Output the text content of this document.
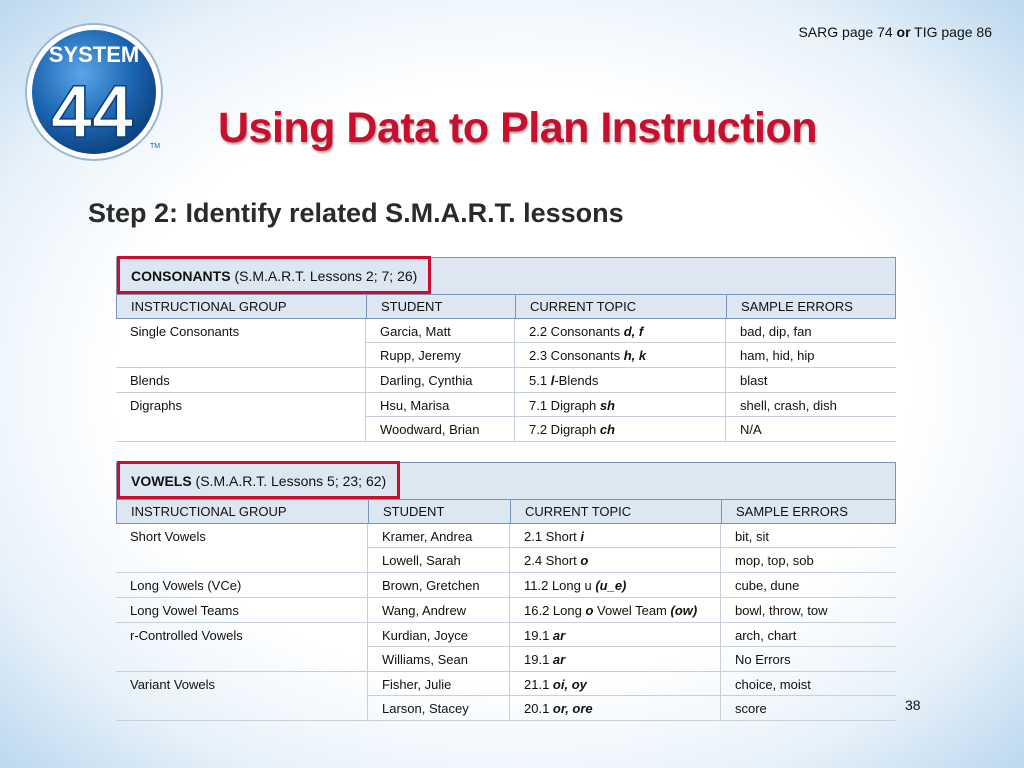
SARG page 74 or TIG page 86
SYSTEM
44 TM Using Data to Plan Instruction
Step 2: Identify related S.M.A.R.T. lessons
CONSONANTS (S.M.A.R.T. Lessons 2; 7; 26)
INSTRUCTIONAL GROUP	STUDENT	CURRENT TOPIC	SAMPLE ERRORS
Single Consonants	Garcia, Matt	2.2 Consonants d, f	bad, dip, fan
Rupp, Jeremy	2.3 Consonants h, k	ham, hid, hip
Blends	Darling, Cynthia	5.1 l-Blends	blast
Digraphs	Hsu, Marisa	7.1 Digraph sh	shell, crash, dish
Woodward, Brian	7.2 Digraph ch	N/A
VOWELS (S.M.A.R.T. Lessons 5; 23; 62)
INSTRUCTIONAL GROUP	STUDENT	CURRENT TOPIC	SAMPLE ERRORS
Short Vowels	Kramer, Andrea	2.1 Short i	bit, sit
Lowell, Sarah	2.4 Short o	mop, top, sob
Long Vowels (VCe)	Brown, Gretchen	11.2 Long u (u_e)	cube, dune
Long Vowel Teams	Wang, Andrew	16.2 Long o Vowel Team (ow)	bowl, throw, tow
r-Controlled Vowels	Kurdian, Joyce	19.1 ar	arch, chart
Williams, Sean	19.1 ar	No Errors
Variant Vowels	Fisher, Julie	21.1 oi, oy	choice, moist
Larson, Stacey	20.1 or, ore	score	38
